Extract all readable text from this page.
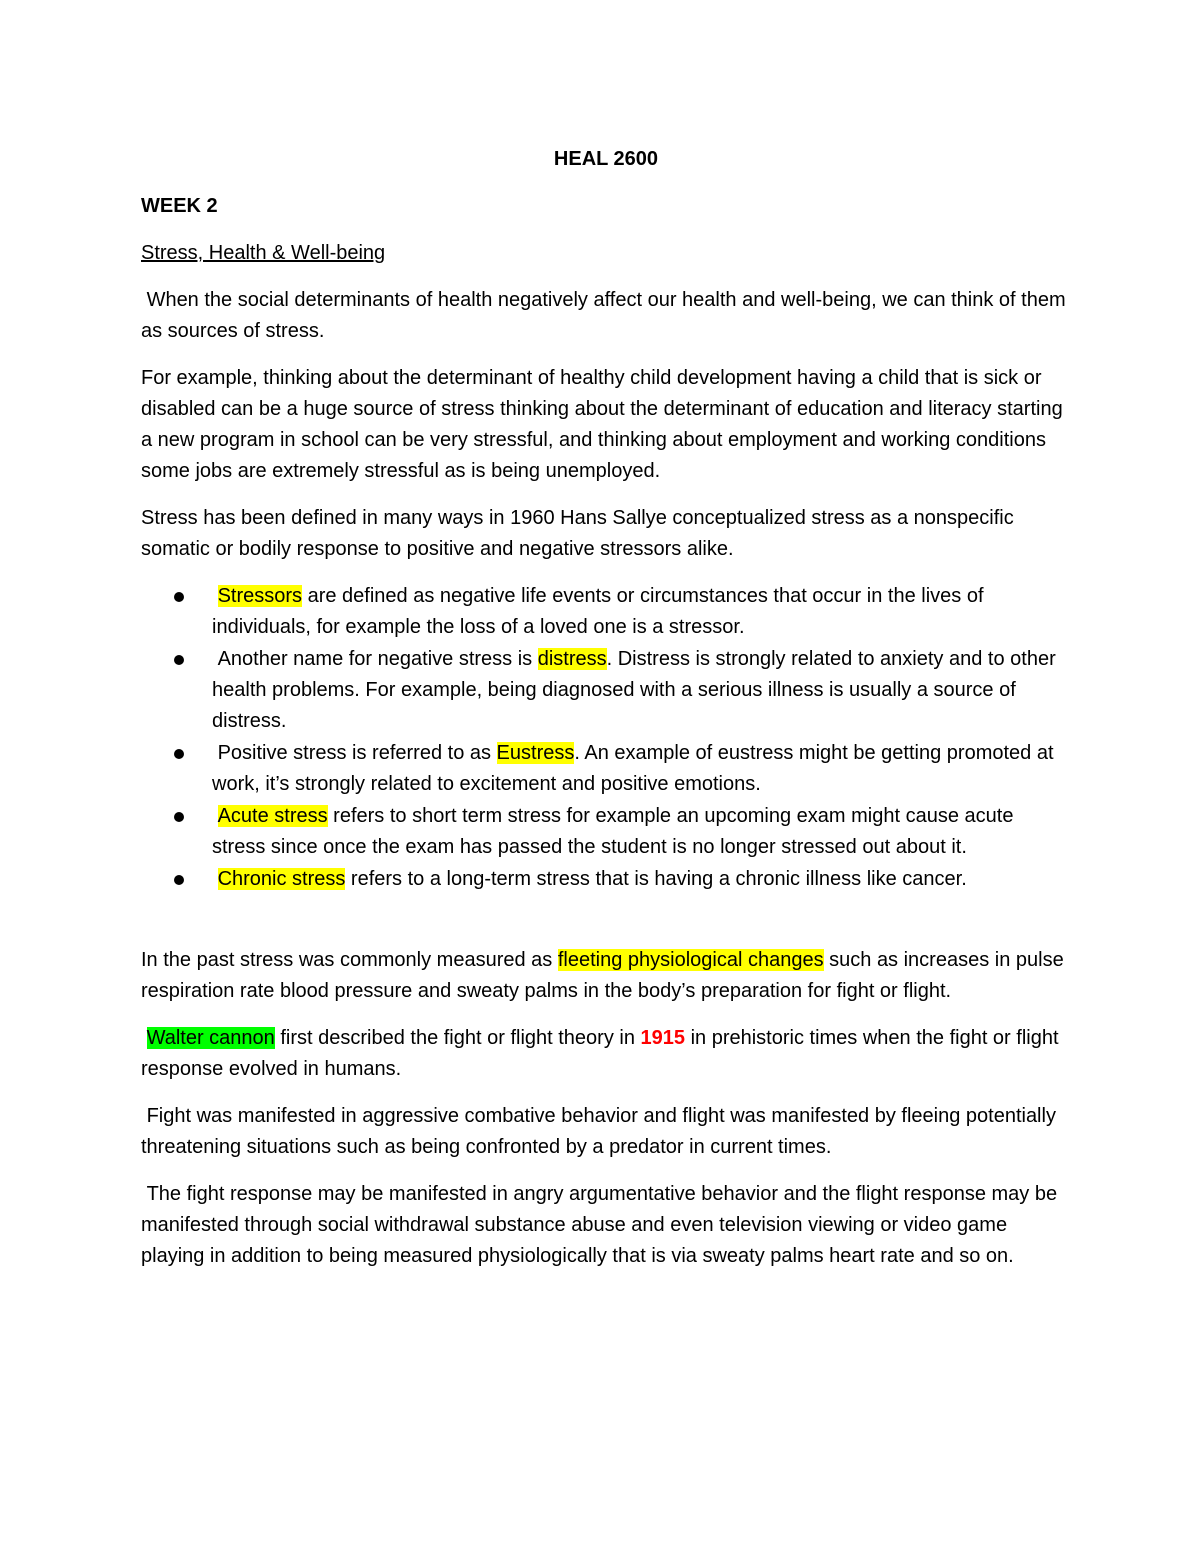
HEAL 2600
WEEK 2
Stress, Health & Well-being

When the social determinants of health negatively affect our health and well-being, we can think of them as sources of stress.

For example, thinking about the determinant of healthy child development having a child that is sick or disabled can be a huge source of stress thinking about the determinant of education and literacy starting a new program in school can be very stressful, and thinking about employment and working conditions some jobs are extremely stressful as is being unemployed.

Stress has been defined in many ways in 1960 Hans Sallye conceptualized stress as a nonspecific somatic or bodily response to positive and negative stressors alike.

Stressors are defined as negative life events or circumstances that occur in the lives of individuals, for example the loss of a loved one is a stressor.
Another name for negative stress is distress. Distress is strongly related to anxiety and to other health problems. For example, being diagnosed with a serious illness is usually a source of distress.
Positive stress is referred to as Eustress. An example of eustress might be getting promoted at work, it’s strongly related to excitement and positive emotions.
Acute stress refers to short term stress for example an upcoming exam might cause acute stress since once the exam has passed the student is no longer stressed out about it.
Chronic stress refers to a long-term stress that is having a chronic illness like cancer.

In the past stress was commonly measured as fleeting physiological changes such as increases in pulse respiration rate blood pressure and sweaty palms in the body’s preparation for fight or flight.

Walter cannon first described the fight or flight theory in 1915 in prehistoric times when the fight or flight response evolved in humans.

Fight was manifested in aggressive combative behavior and flight was manifested by fleeing potentially threatening situations such as being confronted by a predator in current times.

The fight response may be manifested in angry argumentative behavior and the flight response may be manifested through social withdrawal substance abuse and even television viewing or video game playing in addition to being measured physiologically that is via sweaty palms heart rate and so on.
